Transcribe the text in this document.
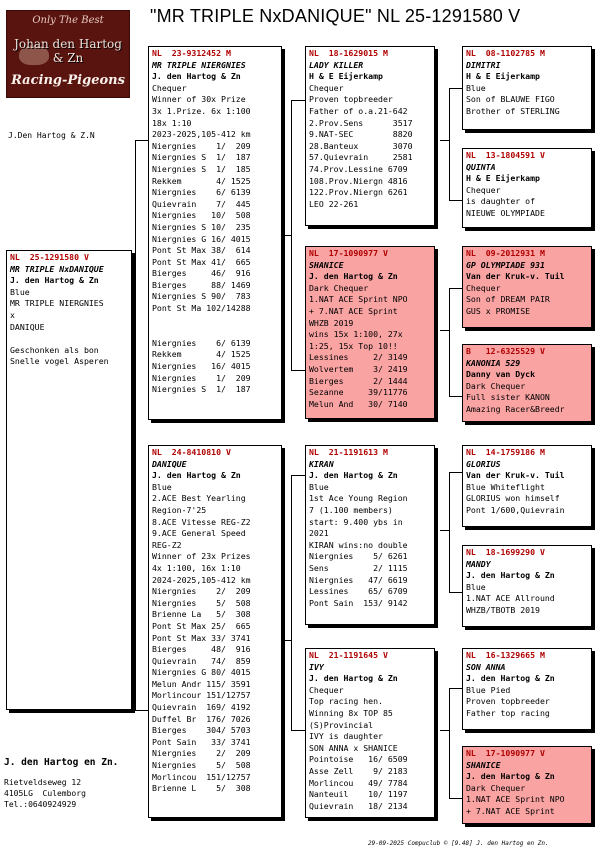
Only The Best
Johan den Hartog & Zn
Racing-Pigeons
"MR TRIPLE NxDANIQUE" NL 25-1291580 V
J.Den Hartog & Z.N
NL  25-1291580 V
MR TRIPLE NxDANIQUE
J. den Hartog & Zn
Blue
MR TRIPLE NIERGNIES
x
DANIQUE
Geschonken als bon
Snelle vogel Asperen
NL  23-9312452 M
MR TRIPLE NIERGNIES
J. den Hartog & Zn
Chequer
Winner of 30x Prize
3x 1.Prize. 6x 1:100
18x 1:10
2023-2025,105-412 km
Niergnies    1/  209
Niergnies S  1/  187
Niergnies S  1/  185
Rekkem       4/ 1525
Niergnies    6/ 6139
Quievrain    7/  445
Niergnies   10/  508
Niergnies S 10/  235
Niergnies G 16/ 4015
Pont St Max 38/  614
Pont St Max 41/  665
Bierges     46/  916
Bierges     88/ 1469
Niergnies S 90/  783
Pont St Ma 102/14288
Niergnies    6/ 6139
Rekkem       4/ 1525
Niergnies   16/ 4015
Niergnies    1/  209
Niergnies S  1/  187
NL  24-8410810 V
DANIQUE
J. den Hartog & Zn
Blue
2.ACE Best Yearling
Region-7'25
8.ACE Vitesse REG-Z2
9.ACE General Speed
REG-Z2
Winner of 23x Prizes
4x 1:100, 16x 1:10
2024-2025,105-412 km
Niergnies    2/  209
Niergnies    5/  508
Brienne La   5/  308
Pont St Max 25/  665
Pont St Max 33/ 3741
Bierges     48/  916
Quievrain   74/  859
Niergnies G 80/ 4015
Melun Andr 115/ 3591
Morlincour 151/12757
Quievrain  169/ 4192
Duffel Br  176/ 7026
Bierges    304/ 5703
Pont Sain   33/ 3741
Niergnies    2/  209
Niergnies    5/  508
Morlincou  151/12757
Brienne L    5/  308
NL  18-1629015 M
LADY KILLER
H & E Eijerkamp
Chequer
Proven topbreeder
Father of o.a.21-642
2.Prov.Sens      3517
9.NAT-SEC        8820
28.Banteux       3070
57.Quievrain     2581
74.Prov.Lessine 6709
108.Prov.Niergn 4816
122.Prov.Niergn 6261
LEO 22-261
NL  17-1090977 V
SHANICE
J. den Hartog & Zn
Dark Chequer
1.NAT ACE Sprint NPO
+ 7.NAT ACE Sprint
WHZB 2019
wins 15x 1:100, 27x
1:25, 15x Top 10!!
Lessines     2/ 3149
Wolvertem    3/ 2419
Bierges      2/ 1444
Sezanne     39/11776
Melun And   30/ 7140
NL  21-1191613 M
KIRAN
J. den Hartog & Zn
Blue
1st Ace Young Region
7 (1.100 members)
start: 9.400 ybs in
2021
KIRAN wins:no double
Niergnies    5/ 6261
Sens         2/ 1115
Niergnies   47/ 6619
Lessines    65/ 6709
Pont Sain  153/ 9142
NL  21-1191645 V
IVY
J. den Hartog & Zn
Chequer
Top racing hen.
Winning 8x TOP 85
(S)Provincial
IVY is daughter
SON ANNA x SHANICE
Pointoise   16/ 6509
Asse Zell    9/ 2183
Morlincou   49/ 7784
Nanteuil    10/ 1197
Quievrain   18/ 2134
NL  08-1102785 M
DIMITRI
H & E Eijerkamp
Blue
Son of BLAUWE FIGO
Brother of STERLING
NL  13-1804591 V
QUINTA
H & E Eijerkamp
Chequer
is daughter of
NIEUWE OLYMPIADE
NL  09-2012931 M
GP OLYMPIADE 931
Van der Kruk-v. Tuil
Chequer
Son of DREAM PAIR
GUS x PROMISE
B   12-6325529 V
KANONIA 529
Danny van Dyck
Dark Chequer
Full sister KANON
Amazing Racer&Breedr
NL  14-1759186 M
GLORIUS
Van der Kruk-v. Tuil
Blue Whiteflight
GLORIUS won himself
Pont 1/600,Quievrain
NL  18-1699290 V
MANDY
J. den Hartog & Zn
Blue
1.NAT ACE Allround
WHZB/TBOTB 2019
NL  16-1329665 M
SON ANNA
J. den Hartog & Zn
Blue Pied
Proven topbreeder
Father top racing
NL  17-1090977 V
SHANICE
J. den Hartog & Zn
Dark Chequer
1.NAT ACE Sprint NPO
+ 7.NAT ACE Sprint
J. den Hartog en Zn.
Rietveldseweg 12
4105LG  Culemborg
Tel.:0640924929
29-09-2025 Compuclub © [9.48] J. den Hartog en Zn.
